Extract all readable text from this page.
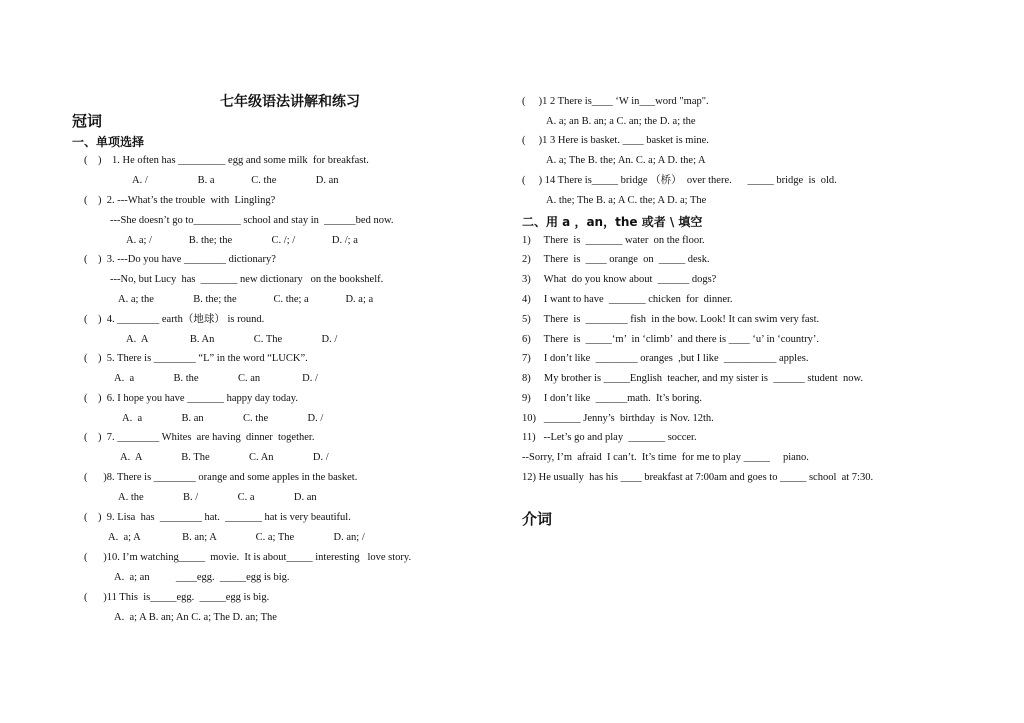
七年级语法讲解和练习
冠词
一、单项选择
(    )    1. He often has _________ egg and some milk  for breakfast.
A. /                   B. a              C. the               D. an
(    )  2. ---What’s the trouble  with  Lingling?
---She doesn’t go to_________ school and stay in  ______bed now.
A. a; /              B. the; the               C. /; /              D. /; a
(    )  3. ---Do you have ________ dictionary?
---No, but Lucy  has  _______ new dictionary   on the bookshelf.
A. a; the               B. the; the              C. the; a              D. a; a
(    )  4. ________ earth（地球） is round.
A.  A                B. An               C. The               D. /
(    )  5. There is ________ “L” in the word “LUCK”.
A.  a               B. the               C. an                D. /
(    )  6. I hope you have _______ happy day today.
A.  a               B. an               C. the               D. /
(    )  7. ________ Whites  are having  dinner  together.
A.  A               B. The               C. An               D. /
(      )8. There is ________ orange and some apples in the basket.
A. the               B. /               C. a               D. an
(    )  9. Lisa  has  ________ hat.  _______ hat is very beautiful.
A.  a; A                B. an; A               C. a; The               D. an; /
(      )10. I’m watching_____  movie.  It is about_____ interesting   love story.
A.  a; an          ____egg.  _____egg is big.
(      )11 This  is_____egg.  _____egg is big.
A.  a; A B. an; An C. a; The D. an; The
(     )1 2 There is____ ‘W in___word "map".
A. a; an B. an; a C. an; the D. a; the
(     )1 3 Here is basket. ____ basket is mine.
A. a; The B. the; An. C. a; A D. the; A
(     ) 14 There is_____ bridge （桥）  over there.      _____ bridge  is  old.
A. the; The B. a; A C. the; A D. a; The
二、用 a ，an，the 或者 \ 填空
1)     There  is  _______ water  on the floor.
2)     There  is  ____ orange  on  _____ desk.
3)     What  do you know about  ______ dogs?
4)     I want to have  _______ chicken  for  dinner.
5)     There  is  ________ fish  in the bow. Look! It can swim very fast.
6)     There  is  _____‘m’  in ‘climb’  and there is ____ ‘u’ in ‘country’.
7)     I don’t like  ________ oranges  ,but I like  __________ apples.
8)     My brother is _____English  teacher, and my sister is  ______ student  now.
9)     I don’t like  ______math.  It’s boring.
10)   _______ Jenny’s  birthday  is Nov. 12th.
11)   --Let’s go and play  _______ soccer.
--Sorry, I’m  afraid  I can’t.  It’s time  for me to play _____     piano.
12) He usually  has his ____ breakfast at 7:00am and goes to _____ school  at 7:30.
介词
